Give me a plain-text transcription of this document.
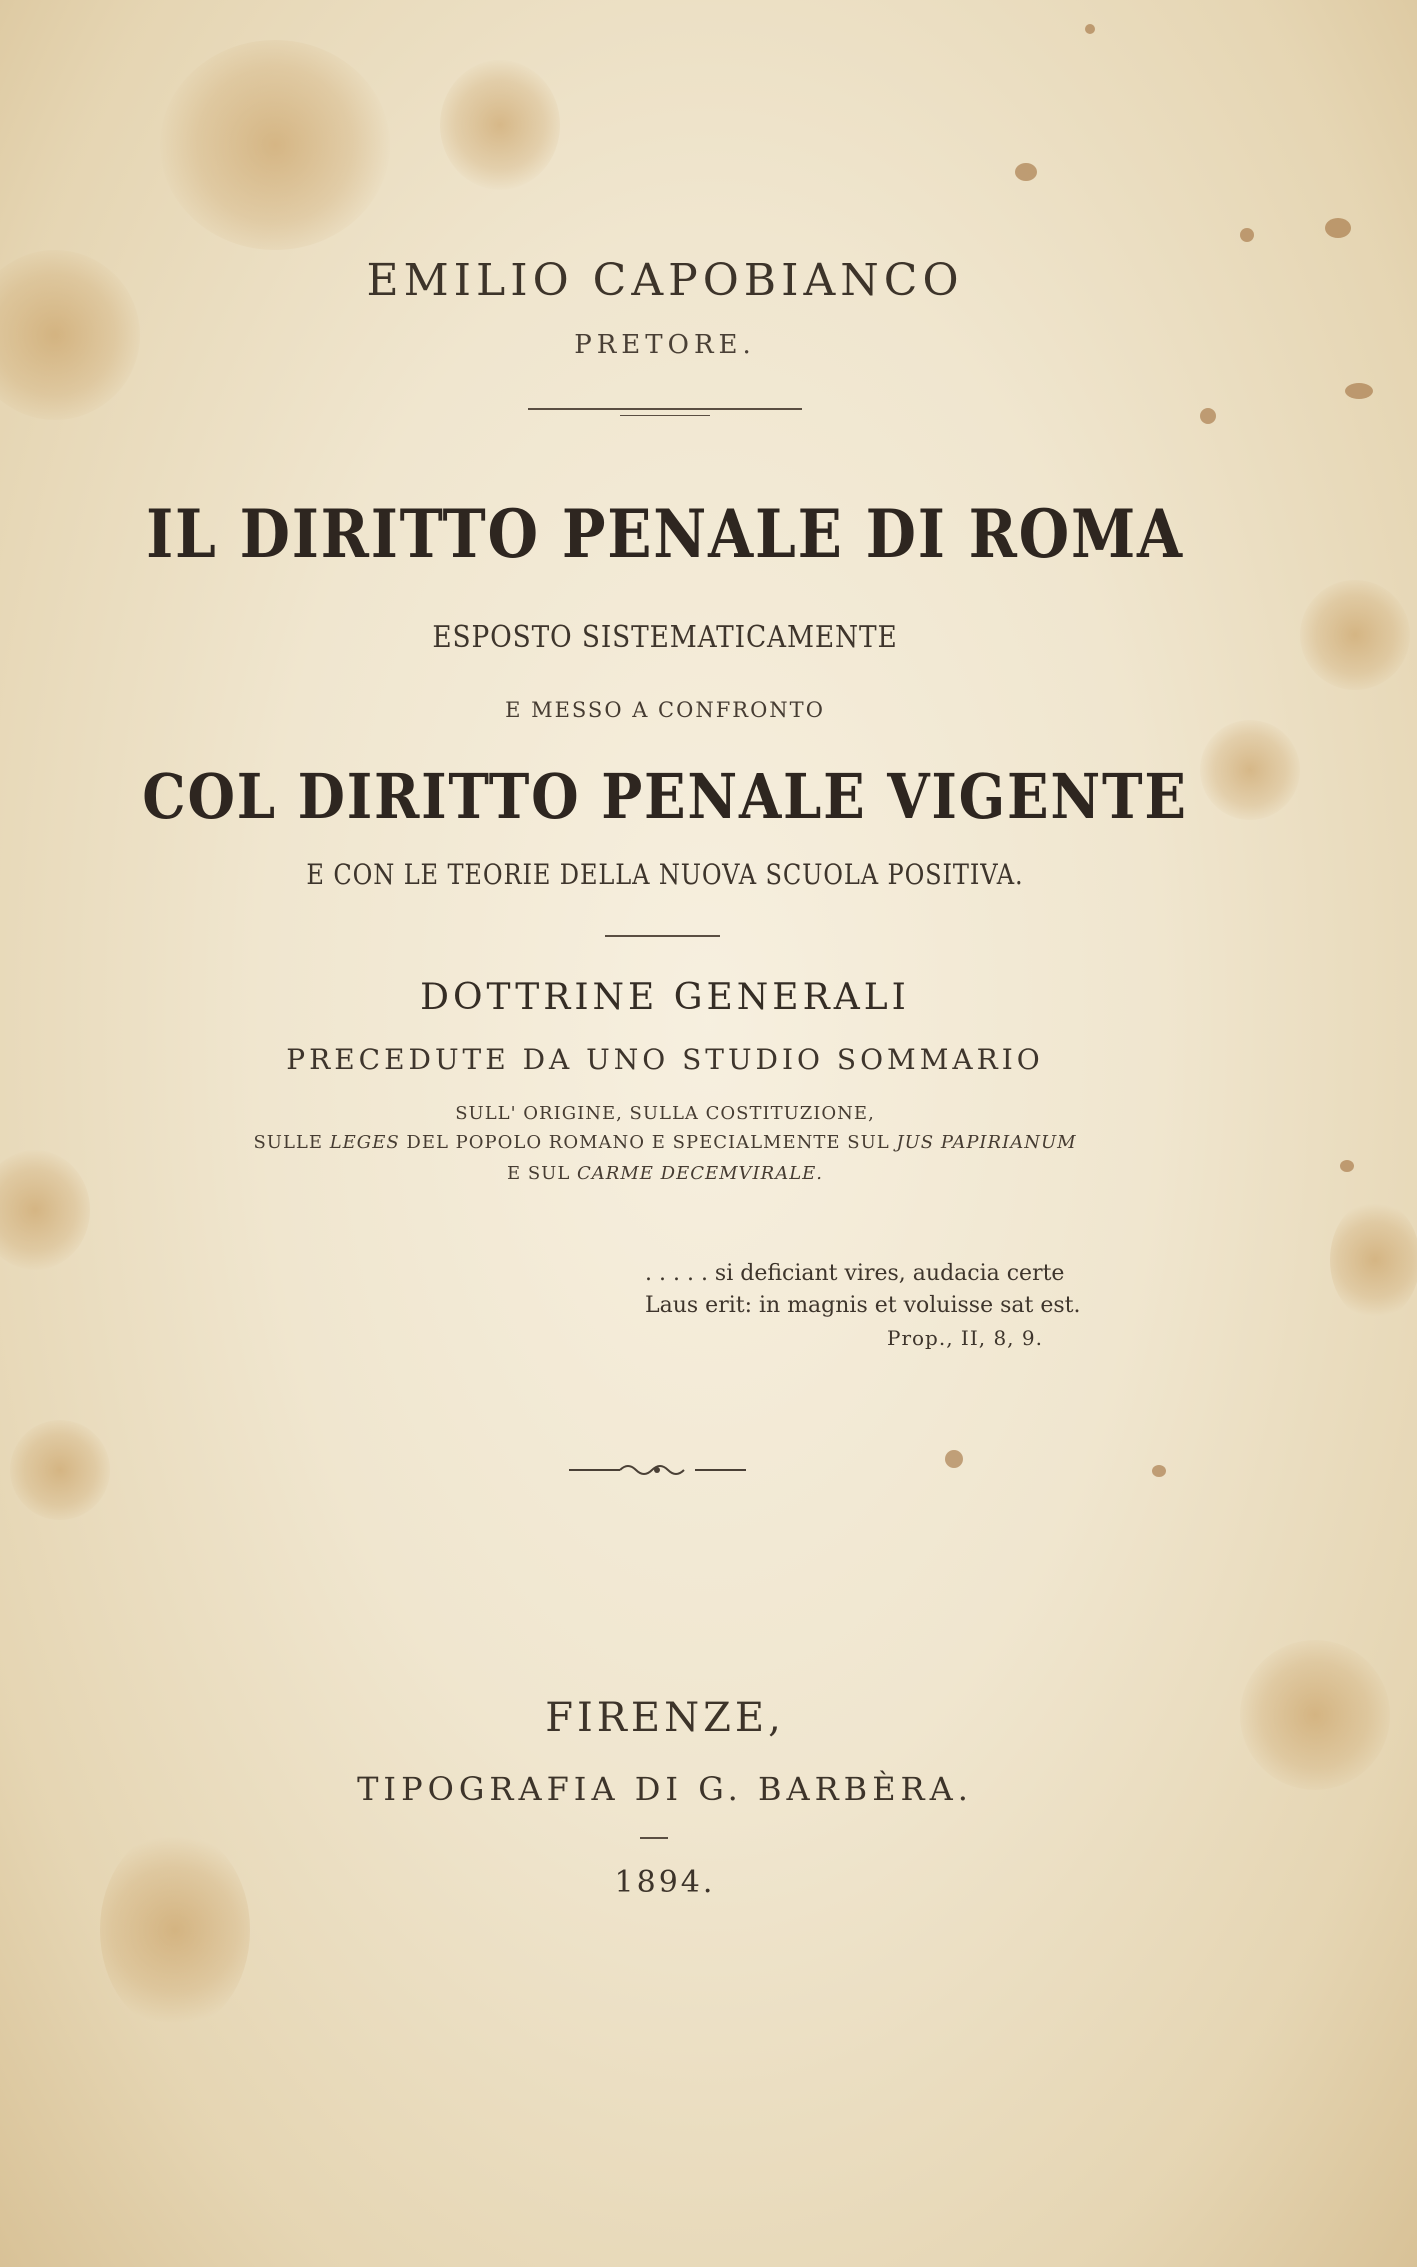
EMILIO CAPOBIANCO
PRETORE.
IL DIRITTO PENALE DI ROMA
ESPOSTO SISTEMATICAMENTE
E MESSO A CONFRONTO
COL DIRITTO PENALE VIGENTE
E CON LE TEORIE DELLA NUOVA SCUOLA POSITIVA.
DOTTRINE GENERALI
PRECEDUTE DA UNO STUDIO SOMMARIO
SULL' ORIGINE, SULLA COSTITUZIONE,
SULLE LEGES DEL POPOLO ROMANO E SPECIALMENTE SUL JUS PAPIRIANUM
E SUL CARME DECEMVIRALE.
. . . . . si deficiant vires, audacia certe
Laus erit: in magnis et voluisse sat est.
Prop., II, 8, 9.
FIRENZE,
TIPOGRAFIA DI G. BARBÈRA.
1894.
